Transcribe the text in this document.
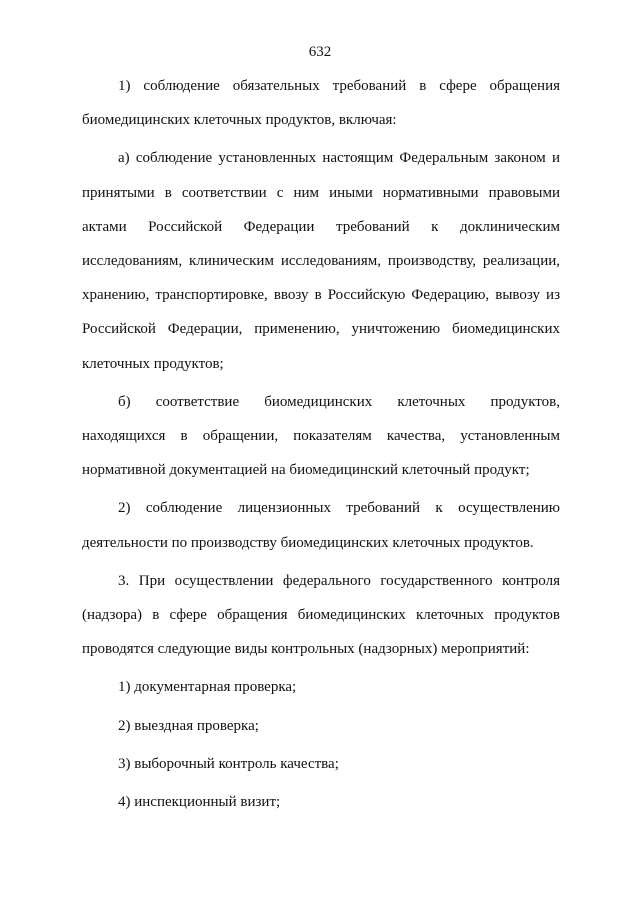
632

1) соблюдение обязательных требований в сфере обращения биомедицинских клеточных продуктов, включая:

а) соблюдение установленных настоящим Федеральным законом и принятыми в соответствии с ним иными нормативными правовыми актами Российской Федерации требований к доклиническим исследованиям, клиническим исследованиям, производству, реализации, хранению, транспортировке, ввозу в Российскую Федерацию, вывозу из Российской Федерации, применению, уничтожению биомедицинских клеточных продуктов;

б) соответствие биомедицинских клеточных продуктов, находящихся в обращении, показателям качества, установленным нормативной документацией на биомедицинский клеточный продукт;

2) соблюдение лицензионных требований к осуществлению деятельности по производству биомедицинских клеточных продуктов.

3. При осуществлении федерального государственного контроля (надзора) в сфере обращения биомедицинских клеточных продуктов проводятся следующие виды контрольных (надзорных) мероприятий:

1) документарная проверка;

2) выездная проверка;

3) выборочный контроль качества;

4) инспекционный визит;
